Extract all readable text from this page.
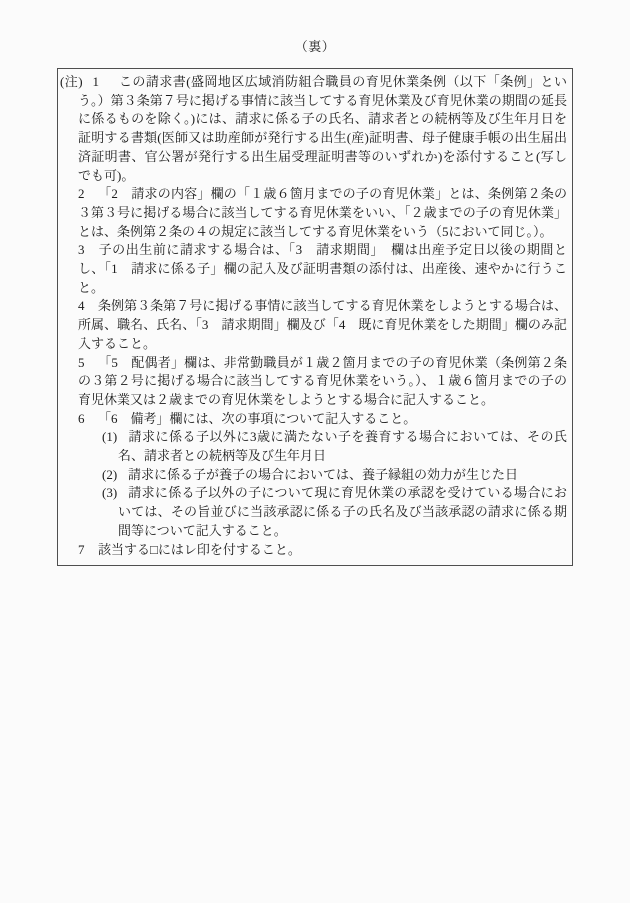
（裏）

(注) 1 この請求書(盛岡地区広域消防組合職員の育児休業条例（以下「条例」という。）第３条第７号に掲げる事情に該当してする育児休業及び育児休業の期間の延長に係るものを除く。)には、請求に係る子の氏名、請求者との続柄等及び生年月日を証明する書類(医師又は助産師が発行する出生(産)証明書、母子健康手帳の出生届出済証明書、官公署が発行する出生届受理証明書等のいずれか)を添付すること(写しでも可)。

2 「2　請求の内容」欄の「１歳６箇月までの子の育児休業」とは、条例第２条の３第３号に掲げる場合に該当してする育児休業をいい、「２歳までの子の育児休業」とは、条例第２条の４の規定に該当してする育児休業をいう（5において同じ。）。

3 子の出生前に請求する場合は、「3　請求期間」　欄は出産予定日以後の期間とし、「1　請求に係る子」欄の記入及び証明書類の添付は、出産後、速やかに行うこと。

4 条例第３条第７号に掲げる事情に該当してする育児休業をしようとする場合は、所属、職名、氏名、「3　請求期間」欄及び「4　既に育児休業をした期間」欄のみ記入すること。

5 「5　配偶者」欄は、非常勤職員が１歳２箇月までの子の育児休業（条例第２条の３第２号に掲げる場合に該当してする育児休業をいう。）、１歳６箇月までの子の育児休業又は２歳までの育児休業をしようとする場合に記入すること。

6 「6　備考」欄には、次の事項について記入すること。

(1) 請求に係る子以外に3歳に満たない子を養育する場合においては、その氏名、請求者との続柄等及び生年月日

(2) 請求に係る子が養子の場合においては、養子縁組の効力が生じた日

(3) 請求に係る子以外の子について現に育児休業の承認を受けている場合においては、その旨並びに当該承認に係る子の氏名及び当該承認の請求に係る期間等について記入すること。

7 該当する□にはレ印を付すること。
